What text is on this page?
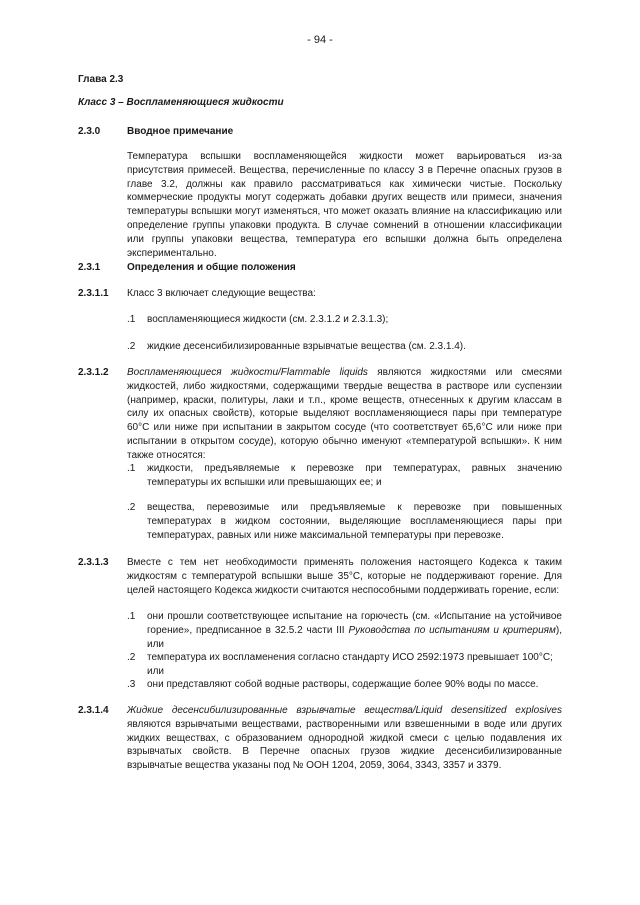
- 94 -
Глава 2.3
Класс 3 – Воспламеняющиеся жидкости
2.3.0	Вводное примечание
Температура вспышки воспламеняющейся жидкости может варьироваться из-за присутствия примесей. Вещества, перечисленные по классу 3 в Перечне опасных грузов в главе 3.2, должны как правило рассматриваться как химически чистые. Поскольку коммерческие продукты могут содержать добавки других веществ или примеси, значения температуры вспышки могут изменяться, что может оказать влияние на классификацию или определение группы упаковки продукта. В случае сомнений в отношении классификации или группы упаковки вещества, температура его вспышки должна быть определена экспериментально.
2.3.1	Определения и общие положения
2.3.1.1 Класс 3 включает следующие вещества:
.1 воспламеняющиеся жидкости (см. 2.3.1.2 и 2.3.1.3);
.2 жидкие десенсибилизированные взрывчатые вещества (см. 2.3.1.4).
2.3.1.2 Воспламеняющиеся жидкости/Flammable liquids являются жидкостями или смесями жидкостей, либо жидкостями, содержащими твердые вещества в растворе или суспензии (например, краски, политуры, лаки и т.п., кроме веществ, отнесенных к другим классам в силу их опасных свойств), которые выделяют воспламеняющиеся пары при температуре 60°С или ниже при испытании в закрытом сосуде (что соответствует 65,6°С или ниже при испытании в открытом сосуде), которую обычно именуют «температурой вспышки». К ним также относятся:
.1 жидкости, предъявляемые к перевозке при температурах, равных значению температуры их вспышки или превышающих ее; и
.2 вещества, перевозимые или предъявляемые к перевозке при повышенных температурах в жидком состоянии, выделяющие воспламеняющиеся пары при температурах, равных или ниже максимальной температуры при перевозке.
2.3.1.3 Вместе с тем нет необходимости применять положения настоящего Кодекса к таким жидкостям с температурой вспышки выше 35°С, которые не поддерживают горение. Для целей настоящего Кодекса жидкости считаются неспособными поддерживать горение, если:
.1 они прошли соответствующее испытание на горючесть (см. «Испытание на устойчивое горение», предписанное в 32.5.2 части III Руководства по испытаниям и критериям), или
.2 температура их воспламенения согласно стандарту ИСО 2592:1973 превышает 100°С; или
.3 они представляют собой водные растворы, содержащие более 90% воды по массе.
2.3.1.4 Жидкие десенсибилизированные взрывчатые вещества/Liquid desensitized explosives являются взрывчатыми веществами, растворенными или взвешенными в воде или других жидких веществах, с образованием однородной жидкой смеси с целью подавления их взрывчатых свойств. В Перечне опасных грузов жидкие десенсибилизированные взрывчатые вещества указаны под № ООН 1204, 2059, 3064, 3343, 3357 и 3379.
